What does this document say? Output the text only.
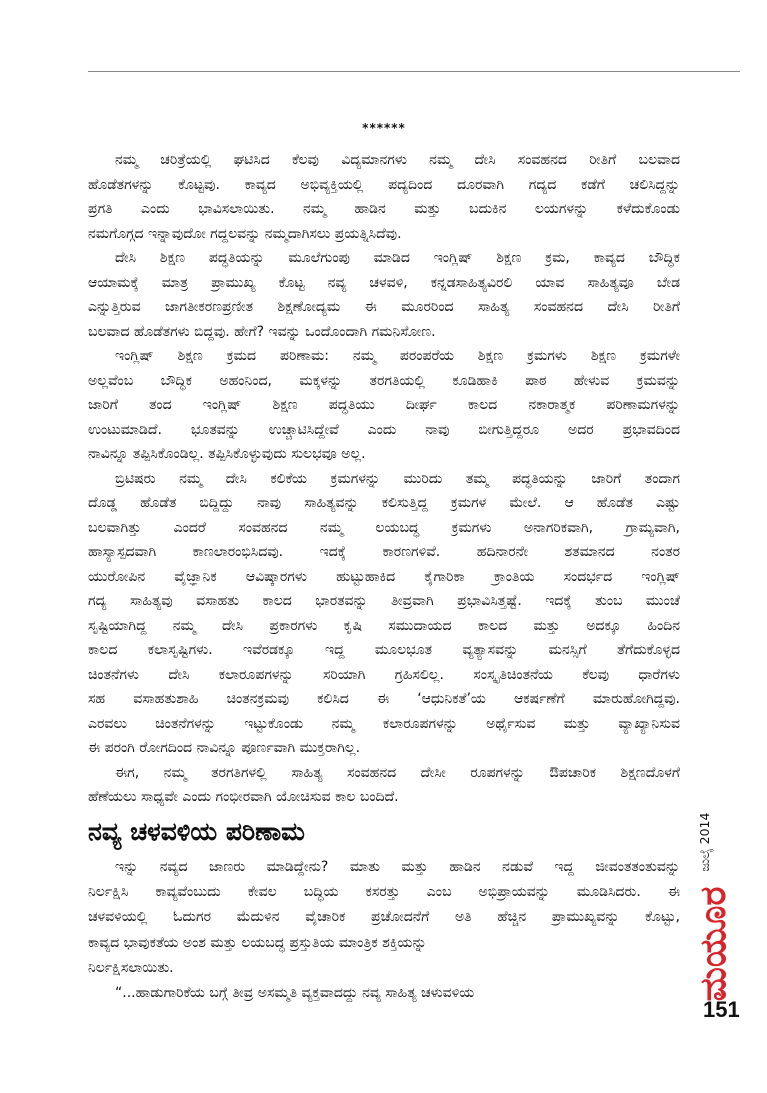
******
ನಮ್ಮ ಚರಿತ್ರೆಯಲ್ಲಿ ಘಟಿಸಿದ ಕೆಲವು ವಿದ್ಯಮಾನಗಳು ನಮ್ಮ ದೇಸಿ ಸಂವಹನದ ರೀತಿಗೆ ಬಲವಾದ
ಹೊಡೆತಗಳನ್ನು ಕೊಟ್ಟವು. ಕಾವ್ಯದ ಅಭಿವ್ಯಕ್ತಿಯಲ್ಲಿ ಪದ್ಯದಿಂದ ದೂರವಾಗಿ ಗದ್ಯದ ಕಡೆಗೆ ಚಲಿಸಿದ್ದನ್ನು
ಪ್ರಗತಿ ಎಂದು ಭಾವಿಸಲಾಯಿತು. ನಮ್ಮ ಹಾಡಿನ ಮತ್ತು ಬದುಕಿನ ಲಯಗಳನ್ನು ಕಳೆದುಕೊಂಡು
ನಮಗೊಗ್ಗದ ಇನ್ನಾವುದೋ ಗದ್ದಲವನ್ನು ನಮ್ಮದಾಗಿಸಲು ಪ್ರಯತ್ನಿಸಿದೆವು.
ದೇಸಿ ಶಿಕ್ಷಣ ಪದ್ಧತಿಯನ್ನು ಮೂಲೆಗುಂಪು ಮಾಡಿದ ಇಂಗ್ಲಿಷ್ ಶಿಕ್ಷಣ ಕ್ರಮ, ಕಾವ್ಯದ ಬೌದ್ಧಿಕ
ಆಯಾಮಕ್ಕೆ ಮಾತ್ರ ಪ್ರಾಮುಖ್ಯ ಕೊಟ್ಟ ನವ್ಯ ಚಳವಳಿ, ಕನ್ನಡಸಾಹಿತ್ಯವಿರಲಿ ಯಾವ ಸಾಹಿತ್ಯವೂ ಬೇಡ
ಎನ್ನುತ್ತಿರುವ ಜಾಗತೀಕರಣಪ್ರಣೀತ ಶಿಕ್ಷಣೋದ್ಯಮ ಈ ಮೂರರಿಂದ ಸಾಹಿತ್ಯ ಸಂವಹನದ ದೇಸಿ ರೀತಿಗೆ
ಬಲವಾದ ಹೊಡೆತಗಳು ಬಿದ್ದವು. ಹೇಗೆ? ಇವನ್ನು ಒಂದೊಂದಾಗಿ ಗಮನಿಸೋಣ.
ಇಂಗ್ಲಿಷ್ ಶಿಕ್ಷಣ ಕ್ರಮದ ಪರಿಣಾಮ: ನಮ್ಮ ಪರಂಪರೆಯ ಶಿಕ್ಷಣ ಕ್ರಮಗಳು ಶಿಕ್ಷಣ ಕ್ರಮಗಳೇ
ಅಲ್ಲವೆಂಬ ಬೌದ್ಧಿಕ ಅಹಂನಿಂದ, ಮಕ್ಕಳನ್ನು ತರಗತಿಯಲ್ಲಿ ಕೂಡಿಹಾಕಿ ಪಾಠ ಹೇಳುವ ಕ್ರಮವನ್ನು
ಜಾರಿಗೆ ತಂದ ಇಂಗ್ಲಿಷ್ ಶಿಕ್ಷಣ ಪದ್ಧತಿಯು ದೀರ್ಘ ಕಾಲದ ನಕಾರಾತ್ಮಕ ಪರಿಣಾಮಗಳನ್ನು
ಉಂಟುಮಾಡಿದೆ. ಭೂತವನ್ನು ಉಚ್ಚಾಟಿಸಿದ್ದೇವೆ ಎಂದು ನಾವು ಬೀಗುತ್ತಿದ್ದರೂ ಅದರ ಪ್ರಭಾವದಿಂದ
ನಾವಿನ್ನೂ ತಪ್ಪಿಸಿಕೊಂಡಿಲ್ಲ. ತಪ್ಪಿಸಿಕೊಳ್ಳುವುದು ಸುಲಭವೂ ಅಲ್ಲ.
ಬ್ರಿಟಿಷರು ನಮ್ಮ ದೇಸಿ ಕಲಿಕೆಯ ಕ್ರಮಗಳನ್ನು ಮುರಿದು ತಮ್ಮ ಪದ್ಧತಿಯನ್ನು ಜಾರಿಗೆ ತಂದಾಗ
ದೊಡ್ಡ ಹೊಡೆತ ಬಿದ್ದಿದ್ದು ನಾವು ಸಾಹಿತ್ಯವನ್ನು ಕಲಿಸುತ್ತಿದ್ದ ಕ್ರಮಗಳ ಮೇಲೆ. ಆ ಹೊಡೆತ ಎಷ್ಟು
ಬಲವಾಗಿತ್ತು ಎಂದರೆ ಸಂವಹನದ ನಮ್ಮ ಲಯಬದ್ಧ ಕ್ರಮಗಳು ಅನಾಗರಿಕವಾಗಿ, ಗ್ರಾಮ್ಯವಾಗಿ,
ಹಾಸ್ಯಾಸ್ಪದವಾಗಿ ಕಾಣಲಾರಂಭಿಸಿದವು. ಇದಕ್ಕೆ ಕಾರಣಗಳಿವೆ. ಹದಿನಾರನೇ ಶತಮಾನದ ನಂತರ
ಯುರೋಪಿನ ವೈಜ್ಞಾನಿಕ ಆವಿಷ್ಕಾರಗಳು ಹುಟ್ಟುಹಾಕಿದ ಕೈಗಾರಿಕಾ ಕ್ರಾಂತಿಯ ಸಂದರ್ಭದ ಇಂಗ್ಲಿಷ್
ಗದ್ಯ ಸಾಹಿತ್ಯವು ವಸಾಹತು ಕಾಲದ ಭಾರತವನ್ನು ತೀವ್ರವಾಗಿ ಪ್ರಭಾವಿಸಿತ್ತಷ್ಟೆ. ಇದಕ್ಕೆ ತುಂಬ ಮುಂಚೆ
ಸೃಷ್ಟಿಯಾಗಿದ್ದ ನಮ್ಮ ದೇಸಿ ಪ್ರಕಾರಗಳು ಕೃಷಿ ಸಮುದಾಯದ ಕಾಲದ ಮತ್ತು ಅದಕ್ಕೂ ಹಿಂದಿನ
ಕಾಲದ ಕಲಾಸೃಷ್ಟಿಗಳು. ಇವೆರಡಕ್ಕೂ ಇದ್ದ ಮೂಲಭೂತ ವ್ಯತ್ಯಾಸವನ್ನು ಮನಸ್ಸಿಗೆ ತೆಗೆದುಕೊಳ್ಳದ
ಚಿಂತನೆಗಳು ದೇಸಿ ಕಲಾರೂಪಗಳನ್ನು ಸರಿಯಾಗಿ ಗ್ರಹಿಸಲಿಲ್ಲ. ಸಂಸ್ಕೃತಿಚಿಂತನೆಯ ಕೆಲವು ಧಾರೆಗಳು
ಸಹ ವಸಾಹತುಶಾಹಿ ಚಿಂತನಕ್ರಮವು ಕಲಿಸಿದ ಈ ‘ಆಧುನಿಕತೆ’ಯ ಆಕರ್ಷಣೆಗೆ ಮಾರುಹೋಗಿದ್ದವು.
ಎರವಲು ಚಿಂತನೆಗಳನ್ನು ಇಟ್ಟುಕೊಂಡು ನಮ್ಮ ಕಲಾರೂಪಗಳನ್ನು ಅರ್ಥೈಸುವ ಮತ್ತು ವ್ಯಾಖ್ಯಾನಿಸುವ
ಈ ಪರಂಗಿ ರೋಗದಿಂದ ನಾವಿನ್ನೂ ಪೂರ್ಣವಾಗಿ ಮುಕ್ತರಾಗಿಲ್ಲ.
ಈಗ, ನಮ್ಮ ತರಗತಿಗಳಲ್ಲಿ ಸಾಹಿತ್ಯ ಸಂವಹನದ ದೇಸೀ ರೂಪಗಳನ್ನು ಔಪಚಾರಿಕ ಶಿಕ್ಷಣದೊಳಗೆ
ಹೆಣೆಯಲು ಸಾಧ್ಯವೇ ಎಂದು ಗಂಭೀರವಾಗಿ ಯೋಚಿಸುವ ಕಾಲ ಬಂದಿದೆ.
ನವ್ಯ ಚಳವಳಿಯ ಪರಿಣಾಮ
ಇನ್ನು ನವ್ಯದ ಜಾಣರು ಮಾಡಿದ್ದೇನು? ಮಾತು ಮತ್ತು ಹಾಡಿನ ನಡುವೆ ಇದ್ದ ಜೀವಂತತಂತುವನ್ನು
ನಿರ್ಲಕ್ಷಿಸಿ ಕಾವ್ಯವೆಂಬುದು ಕೇವಲ ಬದ್ಧಿಯ ಕಸರತ್ತು ಎಂಬ ಅಭಿಪ್ರಾಯವನ್ನು ಮೂಡಿಸಿದರು. ಈ
ಚಳವಳಿಯಲ್ಲಿ ಓದುಗರ ಮೆದುಳಿನ ವೈಚಾರಿಕ ಪ್ರಚೋದನೆಗೆ ಅತಿ ಹೆಚ್ಚಿನ ಪ್ರಾಮುಖ್ಯವನ್ನು ಕೊಟ್ಟು,
ಕಾವ್ಯದ ಭಾವುಕತೆಯ ಅಂಶ ಮತ್ತು ಲಯಬದ್ಧ ಪ್ರಸ್ತುತಿಯ ಮಾಂತ್ರಿಕ ಶಕ್ತಿಯನ್ನು
ನಿರ್ಲಕ್ಷಿಸಲಾಯಿತು.
“...ಹಾಡುಗಾರಿಕೆಯ ಬಗ್ಗೆ ತೀವ್ರ ಅಸಮ್ಮತಿ ವ್ಯಕ್ತವಾದದ್ದು ನವ್ಯ ಸಾಹಿತ್ಯ ಚಳುವಳಿಯ
ಜುಲೈ 2014
ಮಯೂರ
151
